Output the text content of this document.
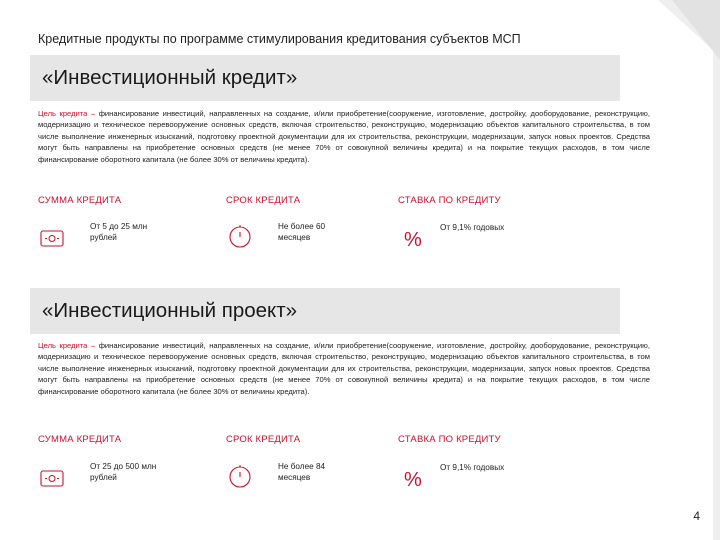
Кредитные продукты по программе стимулирования кредитования субъектов МСП
«Инвестиционный кредит»
Цель кредита – финансирование инвестиций, направленных на создание, и/или приобретение(сооружение, изготовление, достройку, дооборудование, реконструкцию, модернизацию и техническое перевооружение основных средств, включая строительство, реконструкцию, модернизацию объектов капитального строительства, в том числе выполнение инженерных изысканий, подготовку проектной документации для их строительства, реконструкции, модернизации, запуск новых проектов. Средства могут быть направлены на приобретение основных средств (не менее 70% от совокупной величины кредита) и на покрытие текущих расходов, в том числе финансирование оборотного капитала (не более 30% от величины кредита).
СУММА КРЕДИТА
От 5 до 25 млн рублей
СРОК КРЕДИТА
Не более 60 месяцев
СТАВКА ПО КРЕДИТУ
%
От 9,1% годовых
«Инвестиционный проект»
Цель кредита – финансирование инвестиций, направленных на создание, и/или приобретение(сооружение, изготовление, достройку, дооборудование, реконструкцию, модернизацию и техническое перевооружение основных средств, включая строительство, реконструкцию, модернизацию объектов капитального строительства, в том числе выполнение инженерных изысканий, подготовку проектной документации для их строительства, реконструкции, модернизации, запуск новых проектов. Средства могут быть направлены на приобретение основных средств (не менее 70% от совокупной величины кредита) и на покрытие текущих расходов, в том числе финансирование оборотного капитала (не более 30% от величины кредита).
СУММА КРЕДИТА
От 25 до 500 млн рублей
СРОК КРЕДИТА
Не более 84 месяцев
СТАВКА ПО КРЕДИТУ
%
От 9,1% годовых
4
